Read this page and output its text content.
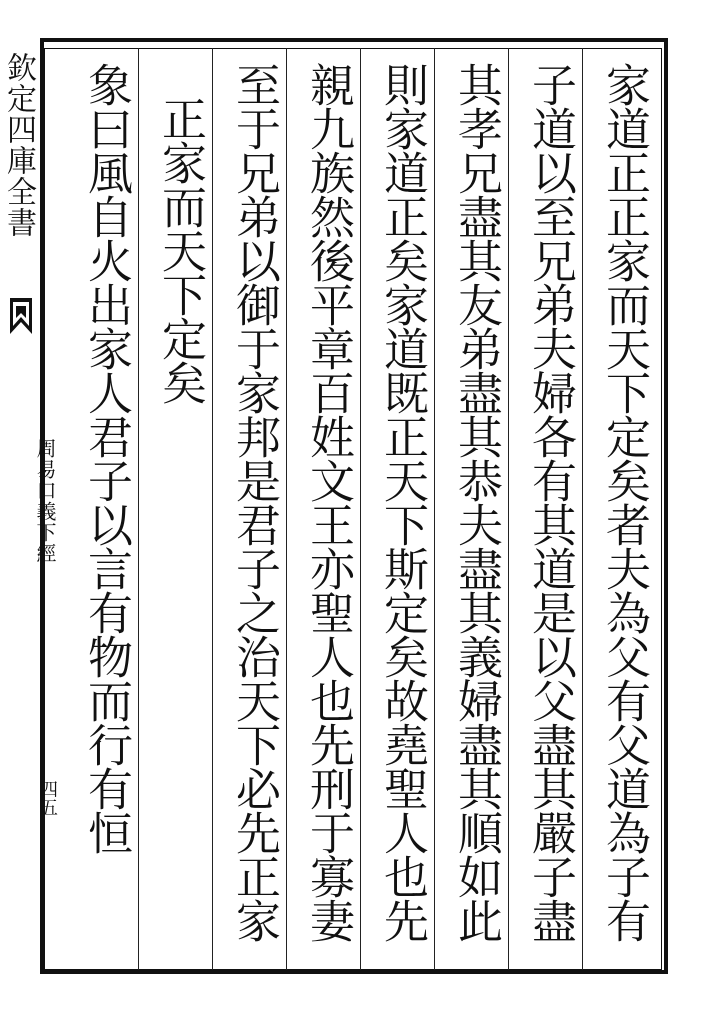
欽定四庫全書
周易口義下經
四五	家道正正家而天下定矣者夫為父有父道為子有
子道以至兄弟夫婦各有其道是以父盡其嚴子盡
其孝兄盡其友弟盡其恭夫盡其義婦盡其順如此
則家道正矣家道既正天下斯定矣故堯聖人也先
親九族然後平章百姓文王亦聖人也先刑于寡妻
至于兄弟以御于家邦是君子之治天下必先正家
正家而天下定矣
象曰風自火出家人君子以言有物而行有恒
